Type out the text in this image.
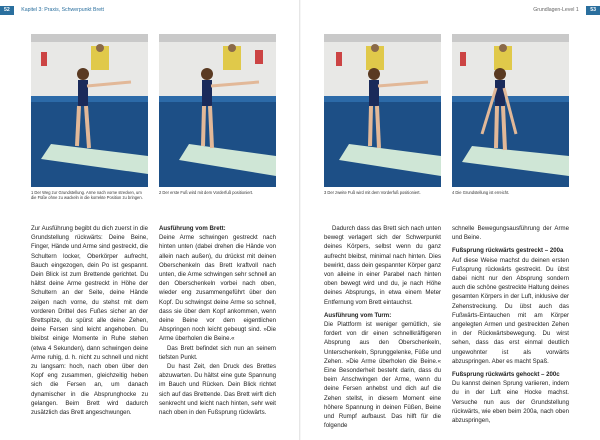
52 Kapitel 3: Praxis, Schwerpunkt Brett	Grundlagen-Level 1 53
1 Der Weg zur Grundstellung. Arme nach vorne strecken, um die Füße ohne zu wackeln in die korrekte Position zu bringen.
2 Der erste Fuß wird mit dem Vorderfuß positioniert.	3 Der zweite Fuß wird mit dem Vorderfuß positioniert.	4 Die Grundstellung ist erreicht.

Zur Ausführung begibt du dich zuerst in die Grundstellung rückwärts: Deine Beine, Finger, Hände und Arme sind gestreckt, die Schultern locker, Oberkörper aufrecht, Bauch eingezogen, dein Po ist gespannt. Dein Blick ist zum Brettende gerichtet. Du hältst deine Arme gestreckt in Höhe der Schultern an der Seite, deine Hände zeigen nach vorne, du stehst mit dem vorderen Drittel des Fußes sicher an der Brettspitze, du spürst alle deine Zehen, deine Fersen sind leicht angehoben. Du bleibst einige Momente in Ruhe stehen (etwa 4 Sekunden), dann schwingen deine Arme ruhig, d. h. nicht zu schnell und nicht zu langsam: hoch, nach oben über den Kopf eng zusammen, gleichzeitig heben sich die Fersen an, um danach dynamischer in die Absprunghocke zu gelangen. Beim Brett wird dadurch zusätzlich das Brett angeschwungen.

Ausführung vom Brett:

Deine Arme schwingen gestreckt nach hinten unten (dabei drehen die Hände von allein nach außen), du drückst mit deinen Oberschenkeln das Brett kraftvoll nach unten, die Arme schwingen sehr schnell an den Oberschenkeln vorbei nach oben, wieder eng zusammengeführt über den Kopf. Du schwingst deine Arme so schnell, dass sie über dem Kopf ankommen, wenn deine Beine vor dem eigentlichen Abspringen noch leicht gebeugt sind. »Die Arme überholen die Beine.«

Das Brett befindet sich nun an seinem tiefsten Punkt.

Du hast Zeit, den Druck des Brettes abzuwarten. Du hältst eine gute Spannung im Bauch und Rücken. Dein Blick richtet sich auf das Brettende. Das Brett wirft dich senkrecht und leicht nach hinten, sehr weit nach oben in den Fußsprung rückwärts.

Dadurch dass das Brett sich nach unten bewegt verlagert sich der Schwerpunkt deines Körpers, selbst wenn du ganz aufrecht bleibst, minimal nach hinten. Dies bewirkt, dass dein gespannter Körper ganz von alleine in einer Parabel nach hinten oben bewegt wird und du, je nach Höhe deines Absprungs, in etwa einem Meter Entfernung vom Brett eintauchst.

Ausführung vom Turm:

Die Plattform ist weniger gemütlich, sie fordert von dir einen schnellkräftigeren Absprung aus den Oberschenkeln, Unterschenkeln, Sprunggelenke, Füße und Zehen. »Die Arme überholen die Beine.« Eine Besonderheit besteht darin, dass du beim Anschwingen der Arme, wenn du deine Fersen anhebst und dich auf die Zehen stellst, in diesem Moment eine höhere Spannung in deinen Füßen, Beine und Rumpf aufbaust. Das hilft für die folgende

schnelle Bewegungsausführung der Arme und Beine.

Fußsprung rückwärts gestreckt – 200a

Auf diese Weise machst du deinen ersten Fußsprung rückwärts gestreckt. Du übst dabei nicht nur den Absprung sondern auch die schöne gestreckte Haltung deines gesamten Körpers in der Luft, inklusive der Zehenstreckung. Du übst auch das Fußwärts-Eintauchen mit am Körper angelegten Armen und gestreckten Zehen in der Rückwärtsbewegung. Du wirst sehen, dass das erst einmal deutlich ungewohnter ist als vorwärts abzuspringen. Aber es macht Spaß.

Fußsprung rückwärts gehockt – 200c

Du kannst deinen Sprung variieren, indem du in der Luft eine Hocke machst. Versuche nun aus der Grundstellung rückwärts, wie eben beim 200a, nach oben abzuspringen,
